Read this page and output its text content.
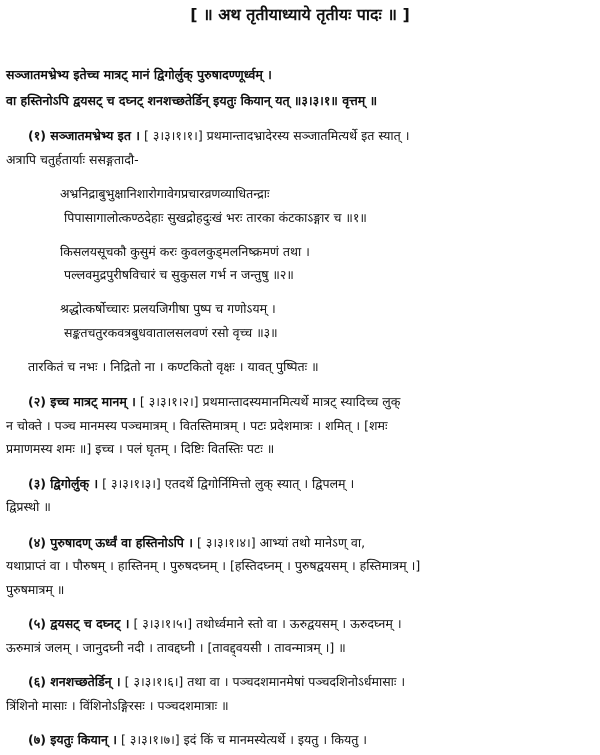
[ ॥ अथ तृतीयाध्याये तृतीयः पादः ॥ ]
सञ्जातमभ्रेभ्य इतेच्च मात्रट् मानं द्विगोर्लुक् पुरुषादण्णूर्ध्वम् ।
वा हस्तिनोऽपि द्वयसट् च दघ्नट् शनशच्छतेर्डिन् इयतुः कियान् यत् ॥३।३।१॥ वृत्तम् ॥
(१) सञ्जातमभ्रेभ्य इत । [ ३।३।१।१।] प्रथमान्तादभ्रादेरस्य सञ्जातमित्यर्थे इत स्यात् ।
अत्रापि चतुर्हतार्याः ससङ्गतादौ-
अभ्रनिद्राबुभुक्षानिशारोगावेगप्रचारव्रणव्याधितन्द्राः
पिपासागालोत्कण्ठदेहाः सुखद्रोहदुःखं भरः तारका कंटकाऽङ्गार च ॥१॥
किसलयसूचकौ कुसुमं करः कुवलकुड्मलनिष्क्रमणं तथा ।
पल्लवमुद्रपुरीषविचारं च सुकुसल गर्भ न जन्तुषु ॥२॥
श्रद्धोत्कर्षोच्चारः प्रलयजिगीषा पुष्प च गणोऽयम् ।
सङ्कतचतुरकवत्रबुधवातालसलवणं रसो वृच्च ॥३॥
तारकितं च नभः । निद्रितो ना । कण्टकितो वृक्षः । यावत् पुष्पितः ॥
(२) इच्च मात्रट् मानम् । [ ३।३।१।२।] प्रथमान्तादस्यमानमित्यर्थे मात्रट् स्यादिच्च लुक्
न चोक्ते । पञ्च मानमस्य पञ्चमात्रम् । वितस्तिमात्रम् । पटः प्रदेशमात्रः । शमित् । [शमः
प्रमाणमस्य शमः ॥] इच्च । पलं घृतम् । दिष्टिः वितस्तिः पटः ॥
(३) द्विगोर्लुक् । [ ३।३।१।३।] एतदर्थे द्विगोर्निमित्तो लुक् स्यात् । द्विपलम् ।
द्विप्रस्थो ॥
(४) पुरुषादण् ऊर्ध्वं वा हस्तिनोऽपि । [ ३।३।१।४।] आभ्यां तथो मानेऽण् वा,
यथाप्राप्तं वा । पौरुषम् । हास्तिनम् । पुरुषदघ्नम् । [हस्तिदघ्नम् । पुरुषद्वयसम् । हस्तिमात्रम् ।]
पुरुषमात्रम् ॥
(५) द्वयसट् च दघ्नट् । [ ३।३।१।५।] तथोर्ध्वमाने स्तो वा । ऊरुद्वयसम् । ऊरुदघ्नम् ।
ऊरुमात्रं जलम् । जानुदघ्नी नदी । तावद्दघ्नी । [तावद्द्वयसी । तावन्मात्रम् ।] ॥
(६) शनशच्छतेर्डिन् । [ ३।३।१।६।] तथा वा । पञ्चदशमानमेषां पञ्चदशिनोऽर्धमासाः ।
त्रिंशिनो मासाः । विंशिनोऽङ्गिरसः । पञ्चदशमात्राः ॥
(७) इयतुः कियान् । [ ३।३।१।७।] इदं किं च मानमस्येत्यर्थे । इयतु । कियतु ।
